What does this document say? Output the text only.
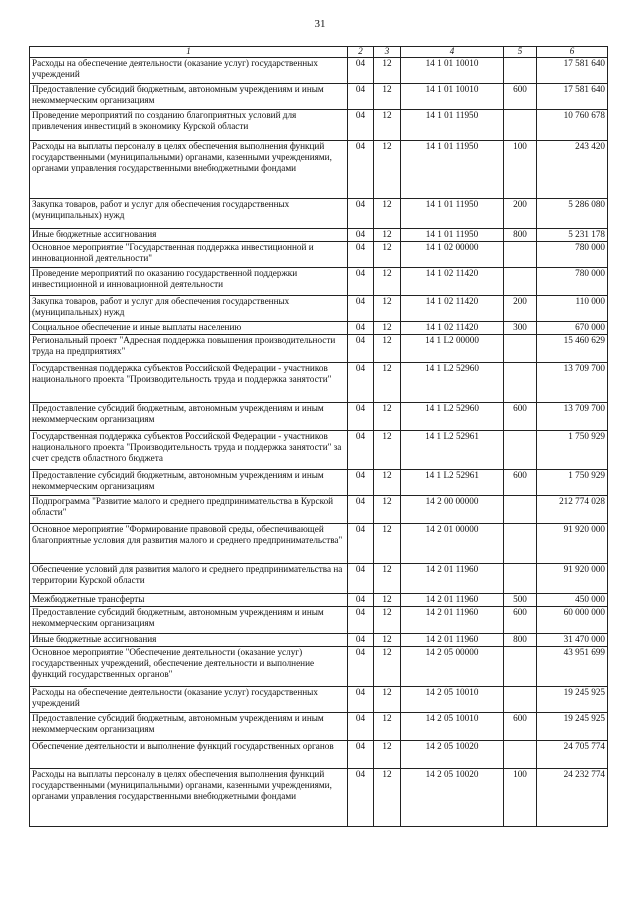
31
1	2	3	4	5	6
Расходы на обеспечение деятельности (оказание услуг) государственных учреждений	04	12	14 1 01 10010		17 581 640
Предоставление субсидий бюджетным, автономным учреждениям и иным некоммерческим организациям	04	12	14 1 01 10010	600	17 581 640
Проведение мероприятий по созданию благоприятных условий для привлечения инвестиций в экономику Курской области	04	12	14 1 01 11950		10 760 678
Расходы на выплаты персоналу в целях обеспечения выполнения функций государственными (муниципальными) органами, казенными учреждениями, органами управления государственными внебюджетными фондами	04	12	14 1 01 11950	100	243 420
Закупка товаров, работ и услуг для обеспечения государственных (муниципальных) нужд	04	12	14 1 01 11950	200	5 286 080
Иные бюджетные ассигнования	04	12	14 1 01 11950	800	5 231 178
Основное мероприятие "Государственная поддержка инвестиционной и инновационной деятельности"	04	12	14 1 02 00000		780 000
Проведение мероприятий по оказанию государственной поддержки инвестиционной и инновационной деятельности	04	12	14 1 02 11420		780 000
Закупка товаров, работ и услуг для обеспечения государственных (муниципальных) нужд	04	12	14 1 02 11420	200	110 000
Социальное обеспечение и иные выплаты населению	04	12	14 1 02 11420	300	670 000
Региональный проект "Адресная поддержка повышения производительности труда на предприятиях"	04	12	14 1 L2 00000		15 460 629
Государственная поддержка субъектов Российской Федерации - участников национального проекта "Производительность труда и поддержка занятости"	04	12	14 1 L2 52960		13 709 700
Предоставление субсидий бюджетным, автономным учреждениям и иным некоммерческим организациям	04	12	14 1 L2 52960	600	13 709 700
Государственная поддержка субъектов Российской Федерации - участников национального проекта "Производительность труда и поддержка занятости" за счет средств областного бюджета	04	12	14 1 L2 52961		1 750 929
Предоставление субсидий бюджетным, автономным учреждениям и иным некоммерческим организациям	04	12	14 1 L2 52961	600	1 750 929
Подпрограмма "Развитие малого и среднего предпринимательства в Курской области"	04	12	14 2 00 00000		212 774 028
Основное мероприятие "Формирование правовой среды, обеспечивающей благоприятные условия для развития малого и среднего предпринимательства"	04	12	14 2 01 00000		91 920 000
Обеспечение условий для развития малого и среднего предпринимательства на территории Курской области	04	12	14 2 01 11960		91 920 000
Межбюджетные трансферты	04	12	14 2 01 11960	500	450 000
Предоставление субсидий бюджетным, автономным учреждениям и иным некоммерческим организациям	04	12	14 2 01 11960	600	60 000 000
Иные бюджетные ассигнования	04	12	14 2 01 11960	800	31 470 000
Основное мероприятие "Обеспечение деятельности (оказание услуг) государственных учреждений, обеспечение деятельности и выполнение функций государственных органов"	04	12	14 2 05 00000		43 951 699
Расходы на обеспечение деятельности (оказание услуг) государственных учреждений	04	12	14 2 05 10010		19 245 925
Предоставление субсидий бюджетным, автономным учреждениям и иным некоммерческим организациям	04	12	14 2 05 10010	600	19 245 925
Обеспечение деятельности и выполнение функций государственных органов	04	12	14 2 05 10020		24 705 774
Расходы на выплаты персоналу в целях обеспечения выполнения функций государственными (муниципальными) органами, казенными учреждениями, органами управления государственными внебюджетными фондами	04	12	14 2 05 10020	100	24 232 774
